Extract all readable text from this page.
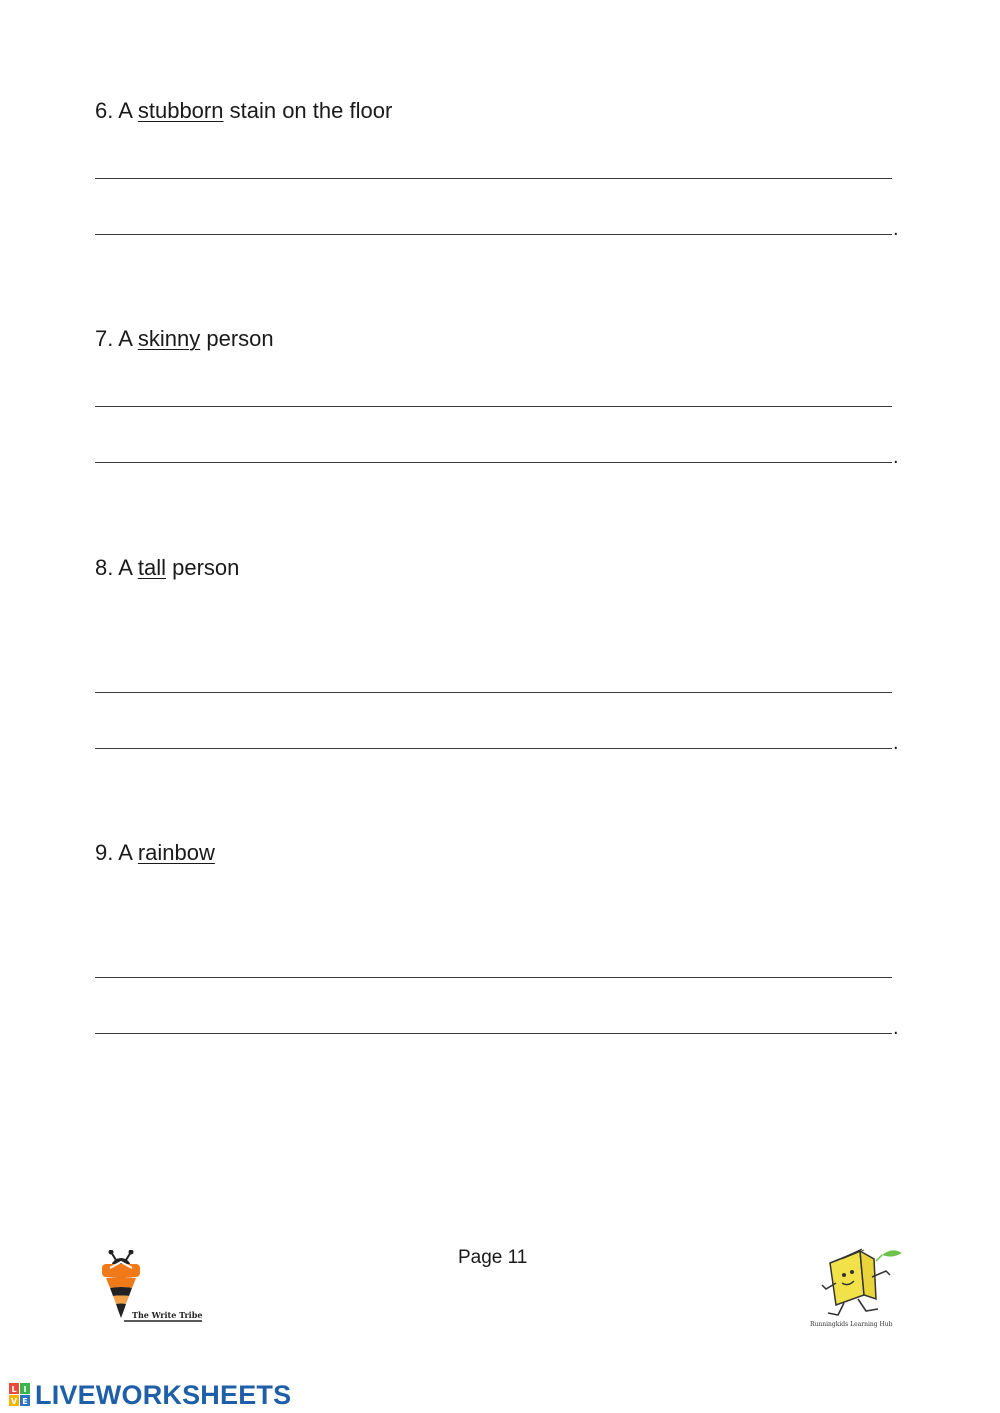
6. A stubborn stain on the floor
.
7. A skinny person
.
8. A tall person
.
9. A rainbow
.
Page 11
The Write Tribe
Runningkids Learning Hub
L I
V E LIVEWORKSHEETS
